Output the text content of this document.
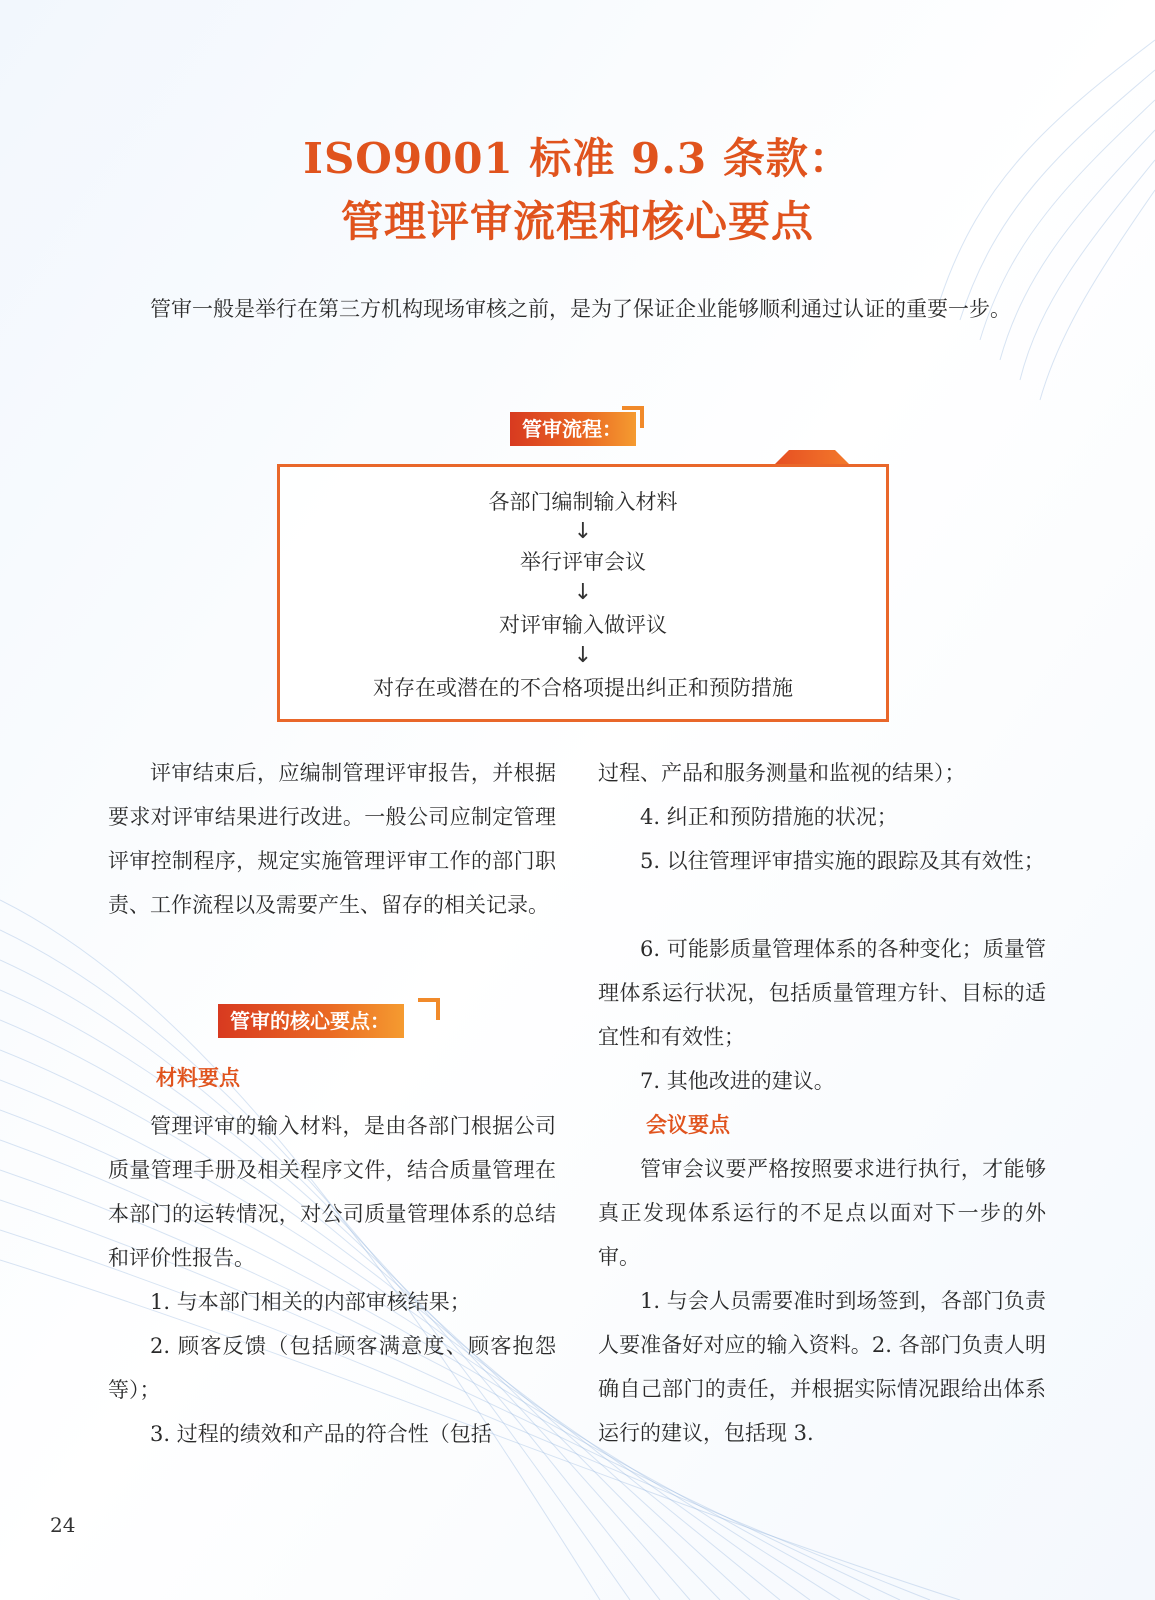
ISO9001 标准 9.3 条款：
管理评审流程和核心要点
管审一般是举行在第三方机构现场审核之前，是为了保证企业能够顺利通过认证的重要一步。
管审流程：
各部门编制输入材料
↓
举行评审会议
↓
对评审输入做评议
↓
对存在或潜在的不合格项提出纠正和预防措施
评审结束后，应编制管理评审报告，并根据要求对评审结果进行改进。一般公司应制定管理评审控制程序，规定实施管理评审工作的部门职责、工作流程以及需要产生、留存的相关记录。
管审的核心要点：
材料要点
管理评审的输入材料，是由各部门根据公司质量管理手册及相关程序文件，结合质量管理在本部门的运转情况，对公司质量管理体系的总结和评价性报告。
1. 与本部门相关的内部审核结果；
2. 顾客反馈（包括顾客满意度、顾客抱怨等）；
3. 过程的绩效和产品的符合性（包括
过程、产品和服务测量和监视的结果）；
4. 纠正和预防措施的状况；
5. 以往管理评审措实施的跟踪及其有效性；
6. 可能影质量管理体系的各种变化；质量管理体系运行状况，包括质量管理方针、目标的适宜性和有效性；
7. 其他改进的建议。
会议要点
管审会议要严格按照要求进行执行，才能够真正发现体系运行的不足点以面对下一步的外审。
1. 与会人员需要准时到场签到，各部门负责人要准备好对应的输入资料。2. 各部门负责人明确自己部门的责任，并根据实际情况跟给出体系运行的建议，包括现 3.
24
